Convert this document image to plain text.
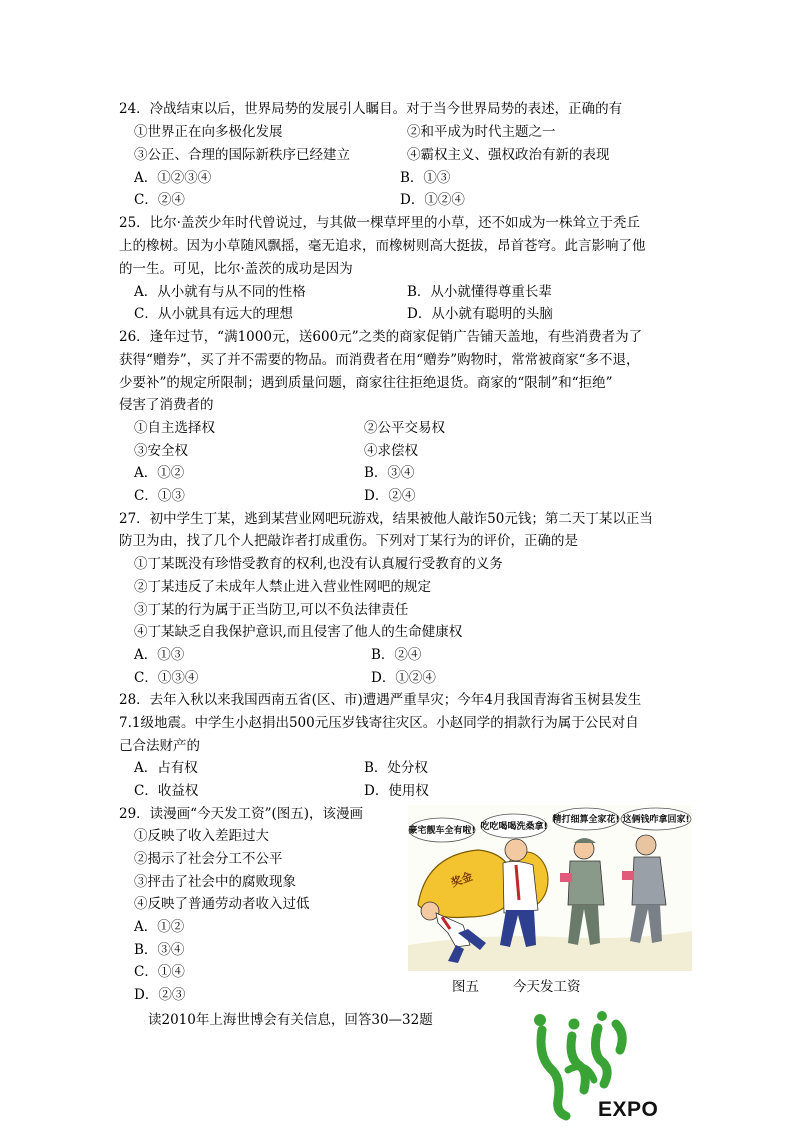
24．冷战结束以后，世界局势的发展引人瞩目。对于当今世界局势的表述，正确的有
①世界正在向多极化发展	②和平成为时代主题之一
③公正、合理的国际新秩序已经建立	④霸权主义、强权政治有新的表现
A．①②③④	B．①③
C．②④	D．①②④
25．比尔·盖茨少年时代曾说过，与其做一棵草坪里的小草，还不如成为一株耸立于秃丘
上的橡树。因为小草随风飘摇，毫无追求，而橡树则高大挺拔，昂首苍穹。此言影响了他
的一生。可见，比尔·盖茨的成功是因为
A．从小就有与从不同的性格	B．从小就懂得尊重长辈
C．从小就具有远大的理想	D．从小就有聪明的头脑
26．逢年过节，“满1000元，送600元”之类的商家促销广告铺天盖地，有些消费者为了
获得“赠券”，买了并不需要的物品。而消费者在用“赠券”购物时，常常被商家“多不退，
少要补”的规定所限制；遇到质量问题，商家往往拒绝退货。商家的“限制”和“拒绝”
侵害了消费者的
①自主选择权	②公平交易权
③安全权	④求偿权
A．①②	B．③④
C．①③	D．②④
27．初中学生丁某，逃到某营业网吧玩游戏，结果被他人敲诈50元钱；第二天丁某以正当
防卫为由，找了几个人把敲诈者打成重伤。下列对丁某行为的评价，正确的是
①丁某既没有珍惜受教育的权利,也没有认真履行受教育的义务
②丁某违反了未成年人禁止进入营业性网吧的规定
③丁某的行为属于正当防卫,可以不负法律责任
④丁某缺乏自我保护意识,而且侵害了他人的生命健康权
A．①③	B．②④
C．①③④	D．①②④
28．去年入秋以来我国西南五省(区、市)遭遇严重旱灾；今年4月我国青海省玉树县发生
7.1级地震。中学生小赵捐出500元压岁钱寄往灾区。小赵同学的捐款行为属于公民对自
己合法财产的
A．占有权	B．处分权
C．收益权	D．使用权
29．读漫画“今天发工资”(图五)，该漫画
①反映了收入差距过大
②揭示了社会分工不公平
③抨击了社会中的腐败现象
④反映了普通劳动者收入过低
A．①②
B．③④
C．①④
D．②③
豪宅靓车全有啦! 吃吃喝喝洗桑拿!
精打细算全家花! 这俩钱咋拿回家!
奖金
图五	今天发工资
读2010年上海世博会有关信息，回答30—32题
EXPO
